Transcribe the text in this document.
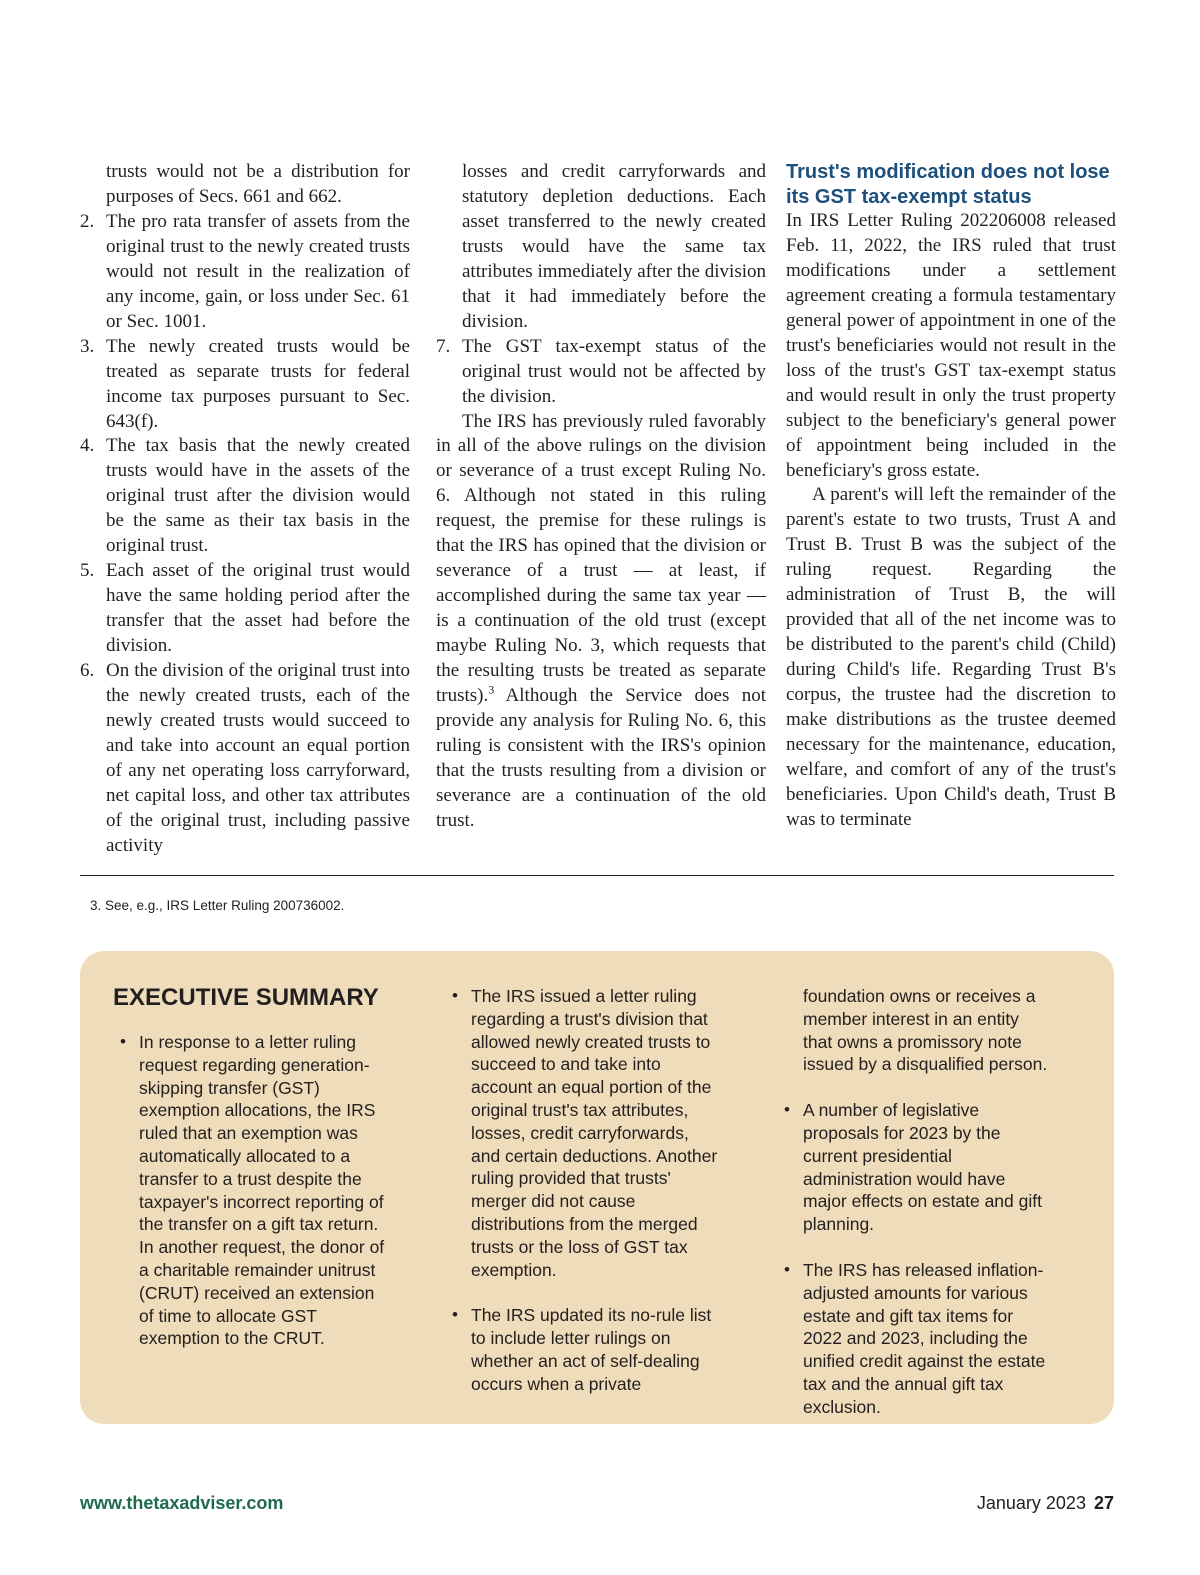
trusts would not be a distribution for purposes of Secs. 661 and 662.

2. The pro rata transfer of assets from the original trust to the newly created trusts would not result in the realization of any income, gain, or loss under Sec. 61 or Sec. 1001.

3. The newly created trusts would be treated as separate trusts for federal income tax purposes pursuant to Sec. 643(f).

4. The tax basis that the newly created trusts would have in the assets of the original trust after the division would be the same as their tax basis in the original trust.

5. Each asset of the original trust would have the same holding period after the transfer that the asset had before the division.

6. On the division of the original trust into the newly created trusts, each of the newly created trusts would succeed to and take into account an equal portion of any net operating loss carryforward, net capital loss, and other tax attributes of the original trust, including passive activity

losses and credit carryforwards and statutory depletion deductions. Each asset transferred to the newly created trusts would have the same tax attributes immediately after the division that it had immediately before the division.

7. The GST tax-exempt status of the original trust would not be affected by the division.

The IRS has previously ruled favorably in all of the above rulings on the division or severance of a trust except Ruling No. 6. Although not stated in this ruling request, the premise for these rulings is that the IRS has opined that the division or severance of a trust — at least, if accomplished during the same tax year — is a continuation of the old trust (except maybe Ruling No. 3, which requests that the resulting trusts be treated as separate trusts).$^3$ Although the Service does not provide any analysis for Ruling No. 6, this ruling is consistent with the IRS's opinion that the trusts resulting from a division or severance are a continuation of the old trust.

Trust's modification does not lose its GST tax-exempt status

In IRS Letter Ruling 202206008 released Feb. 11, 2022, the IRS ruled that trust modifications under a settlement agreement creating a formula testamentary general power of appointment in one of the trust's beneficiaries would not result in the loss of the trust's GST tax-exempt status and would result in only the trust property subject to the beneficiary's general power of appointment being included in the beneficiary's gross estate.

A parent's will left the remainder of the parent's estate to two trusts, Trust A and Trust B. Trust B was the subject of the ruling request. Regarding the administration of Trust B, the will provided that all of the net income was to be distributed to the parent's child (Child) during Child's life. Regarding Trust B's corpus, the trustee had the discretion to make distributions as the trustee deemed necessary for the maintenance, education, welfare, and comfort of any of the trust's beneficiaries. Upon Child's death, Trust B was to terminate

3. See, e.g., IRS Letter Ruling 200736002.
EXECUTIVE SUMMARY
• In response to a letter ruling request regarding generation-skipping transfer (GST) exemption allocations, the IRS ruled that an exemption was automatically allocated to a transfer to a trust despite the taxpayer's incorrect reporting of the transfer on a gift tax return. In another request, the donor of a charitable remainder unitrust (CRUT) received an extension of time to allocate GST exemption to the CRUT.
• The IRS issued a letter ruling regarding a trust's division that allowed newly created trusts to succeed to and take into account an equal portion of the original trust's tax attributes, losses, credit carryforwards, and certain deductions. Another ruling provided that trusts' merger did not cause distributions from the merged trusts or the loss of GST tax exemption.
• The IRS updated its no-rule list to include letter rulings on whether an act of self-dealing occurs when a private
foundation owns or receives a member interest in an entity that owns a promissory note issued by a disqualified person.
• A number of legislative proposals for 2023 by the current presidential administration would have major effects on estate and gift planning.
• The IRS has released inflation-adjusted amounts for various estate and gift tax items for 2022 and 2023, including the unified credit against the estate tax and the annual gift tax exclusion.
www.thetaxadviser.com	January 2023 27
